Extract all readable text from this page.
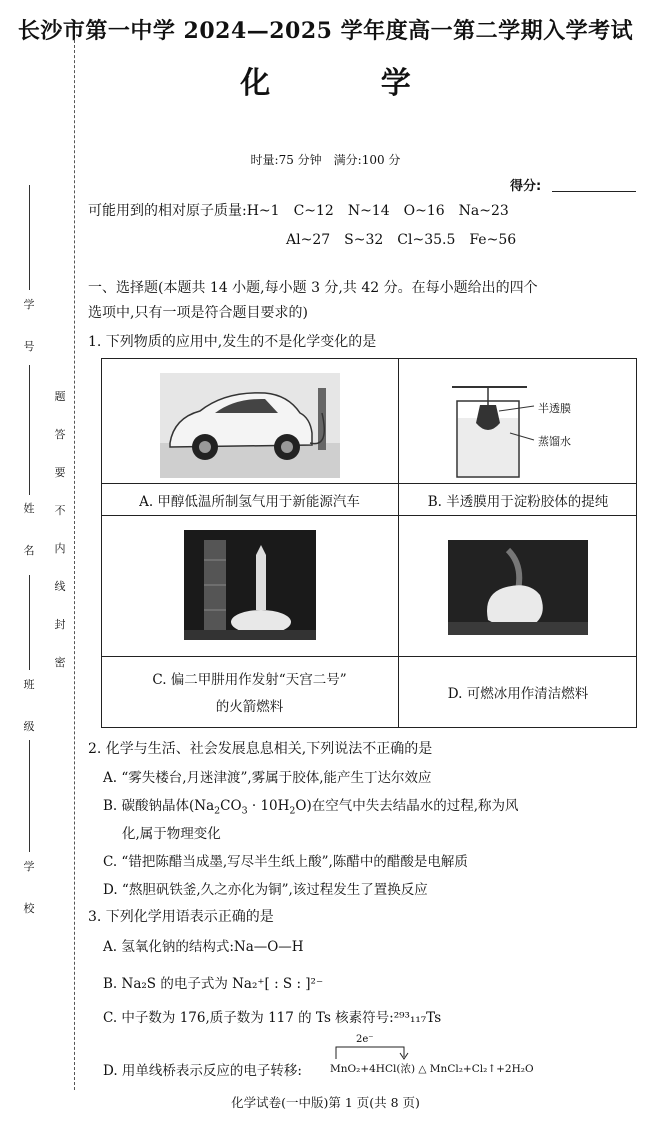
学

号
姓

名
班

级
学

校
题
答
要
不
内
线
封
密
长沙市第一中学 2024—2025 学年度高一第二学期入学考试
化 学
时量:75 分钟　满分:100 分
得分:
可能用到的相对原子质量:H~1　C~12　N~14　O~16　Na~23
Al~27　S~32　Cl~35.5　Fe~56
一、选择题(本题共 14 小题,每小题 3 分,共 42 分。在每小题给出的四个
选项中,只有一项是符合题目要求的)
1. 下列物质的应用中,发生的不是化学变化的是
半透膜
蒸馏水
A. 甲醇低温所制氢气用于新能源汽车	B. 半透膜用于淀粉胶体的提纯
C. 偏二甲肼用作发射“天宫二号”
的火箭燃料
D. 可燃冰用作清洁燃料
2. 化学与生活、社会发展息息相关,下列说法不正确的是
A. “雾失楼台,月迷津渡”,雾属于胶体,能产生丁达尔效应
B. 碳酸钠晶体$(Na_2CO_3 \cdot 10H_2O)$在空气中失去结晶水的过程,称为风
化,属于物理变化
C. “错把陈醋当成墨,写尽半生纸上酸”,陈醋中的醋酸是电解质
D. “熬胆矾铁釜,久之亦化为铜”,该过程发生了置换反应
3. 下列化学用语表示正确的是
A. 氢氧化钠的结构式:Na—O—H
B. Na₂S 的电子式为 Na₂⁺[ : S : ]²⁻
C. 中子数为 176,质子数为 117 的 Ts 核素符号:²⁹³₁₁₇Ts
D. 用单线桥表示反应的电子转移:
2e⁻
MnO₂+4HCl(浓) △ MnCl₂+Cl₂↑+2H₂O
化学试卷(一中版)第 1 页(共 8 页)
